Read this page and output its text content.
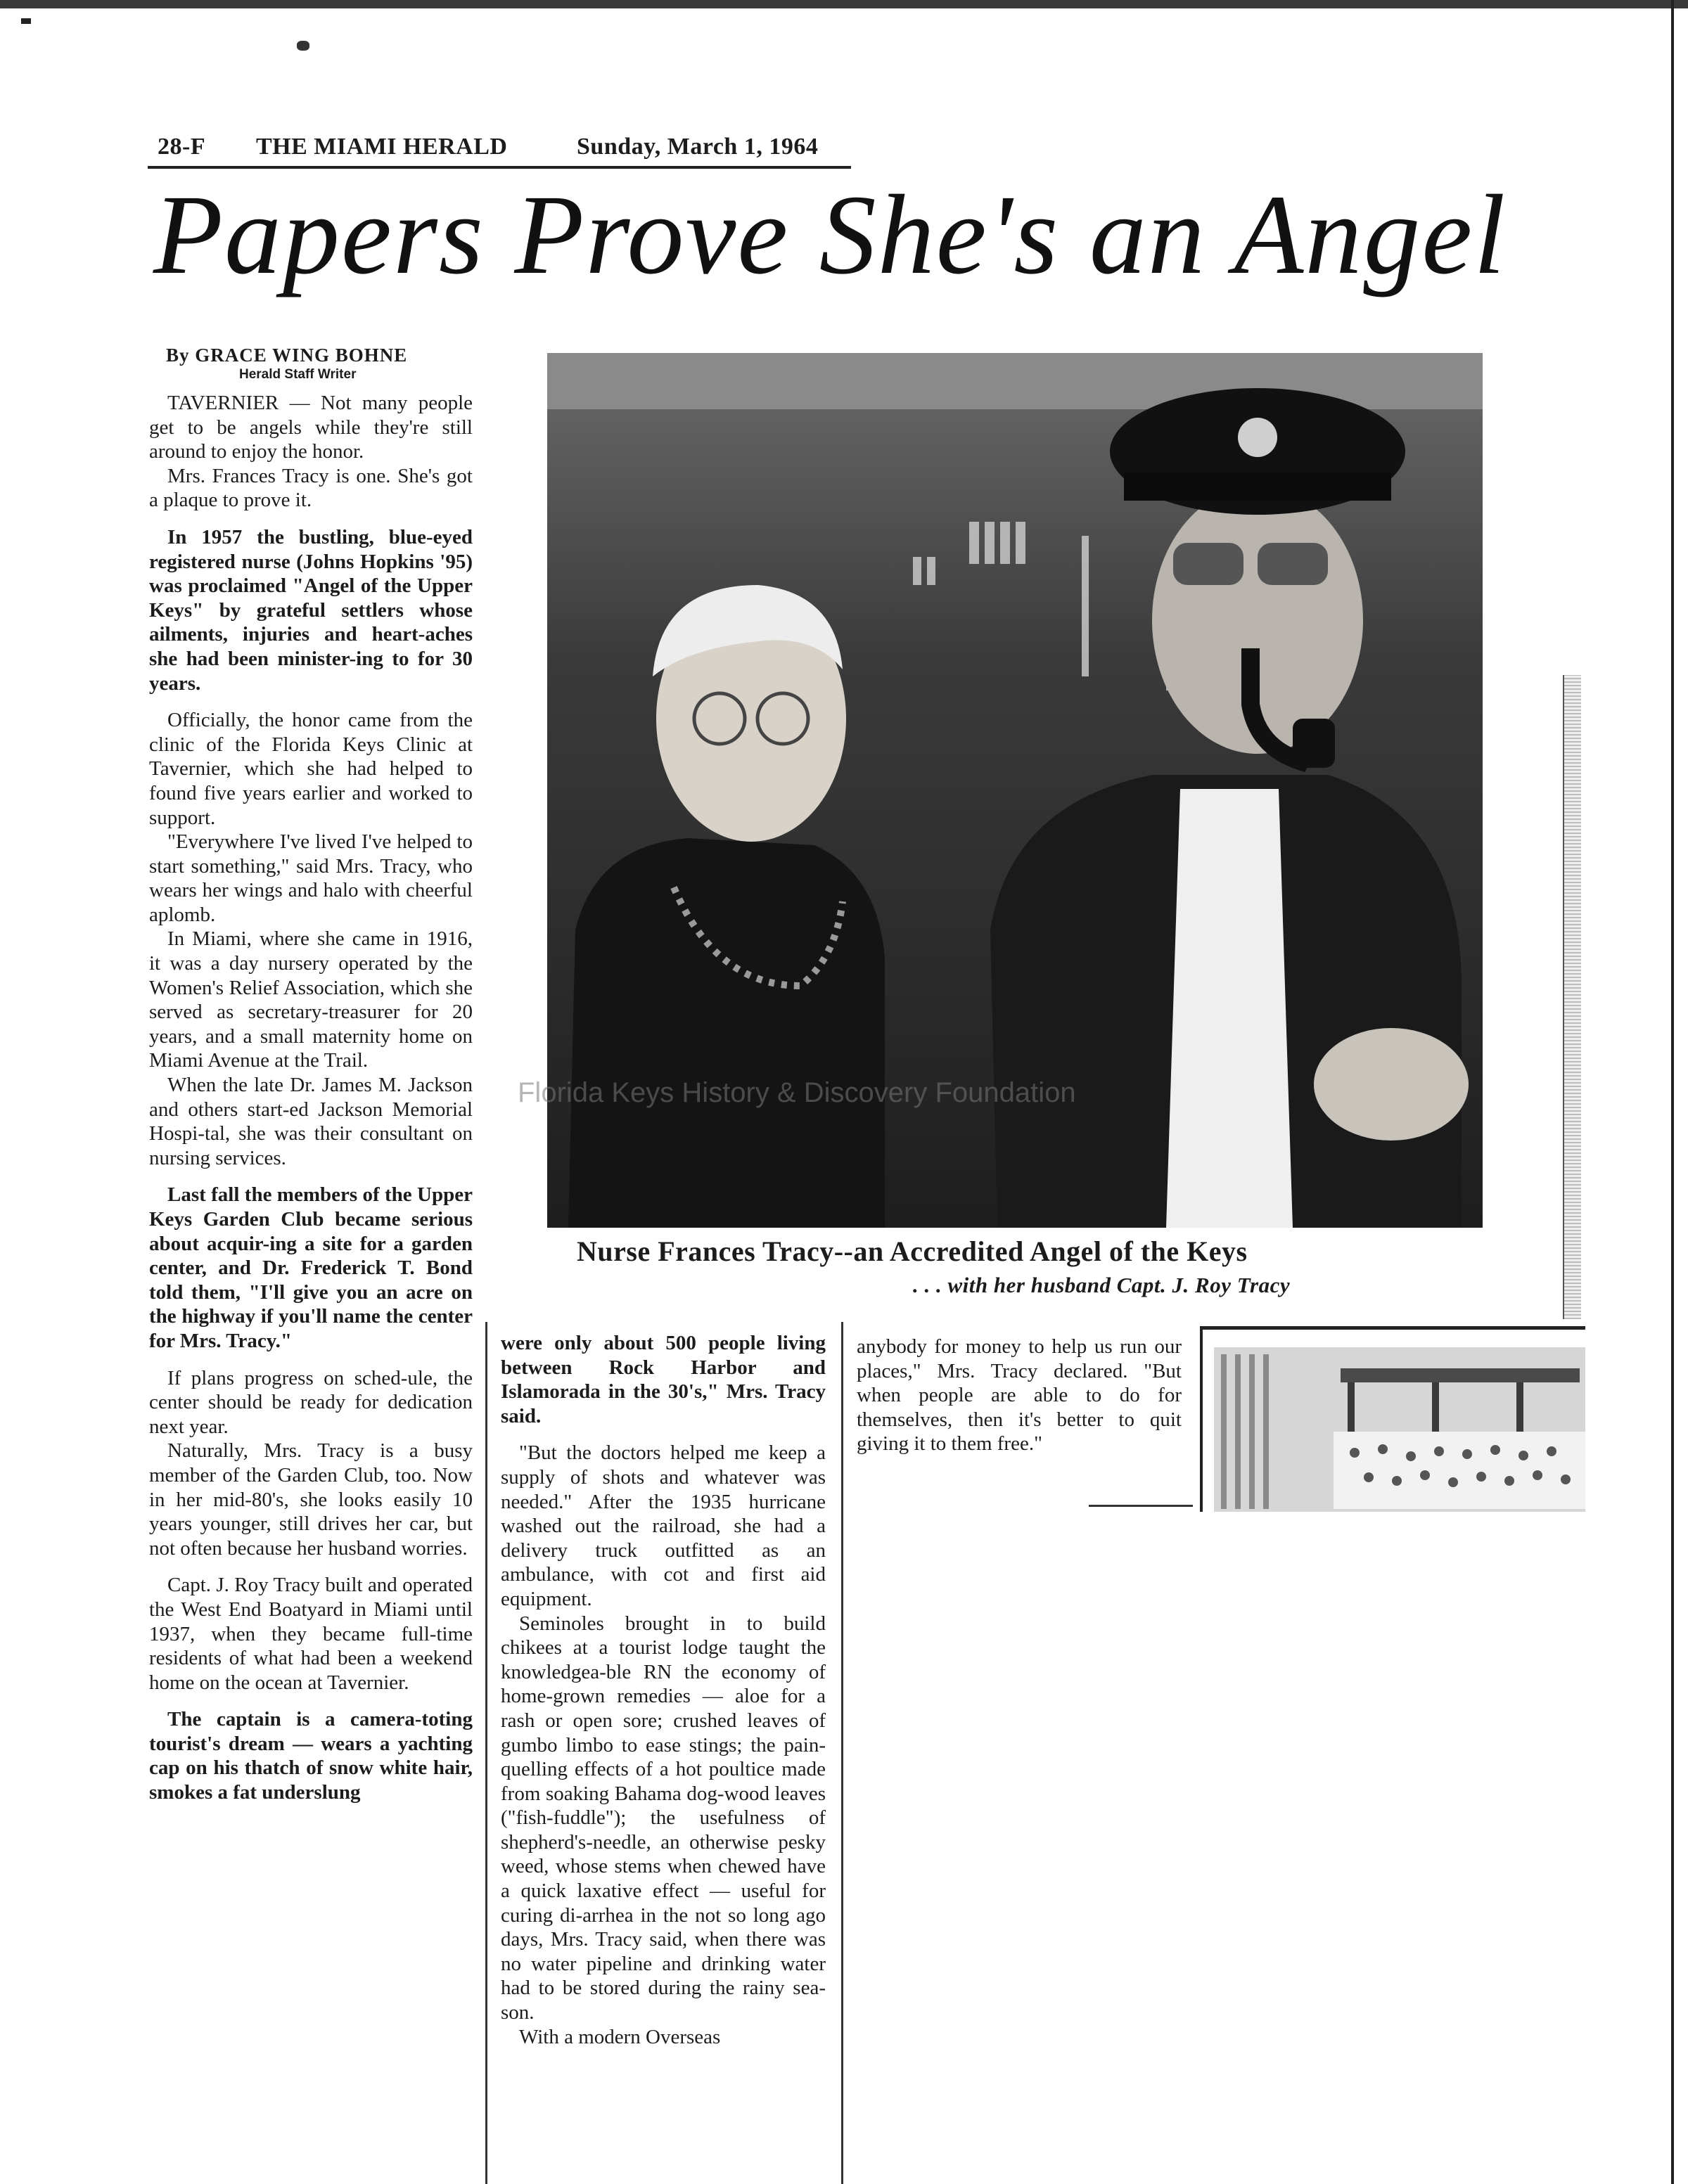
28-F THE MIAMI HERALD	Sunday, March 1, 1964
Papers Prove She's an Angel
By GRACE WING BOHNE
Herald Staff Writer

TAVERNIER — Not many people get to be angels while they're still around to enjoy the honor.

Mrs. Frances Tracy is one. She's got a plaque to prove it.

In 1957 the bustling, blue-eyed registered nurse (Johns Hopkins '95) was proclaimed "Angel of the Upper Keys" by grateful settlers whose ailments, injuries and heart-aches she had been minister-ing to for 30 years.

Officially, the honor came from the clinic of the Florida Keys Clinic at Tavernier, which she had helped to found five years earlier and worked to support.

"Everywhere I've lived I've helped to start something," said Mrs. Tracy, who wears her wings and halo with cheerful aplomb.

In Miami, where she came in 1916, it was a day nursery operated by the Women's Relief Association, which she served as secretary-treasurer for 20 years, and a small maternity home on Miami Avenue at the Trail.

When the late Dr. James M. Jackson and others start-ed Jackson Memorial Hospi-tal, she was their consultant on nursing services.

Last fall the members of the Upper Keys Garden Club became serious about acquir-ing a site for a garden center, and Dr. Frederick T. Bond told them, "I'll give you an acre on the highway if you'll name the center for Mrs. Tracy."

If plans progress on sched-ule, the center should be ready for dedication next year.

Naturally, Mrs. Tracy is a busy member of the Garden Club, too. Now in her mid-80's, she looks easily 10 years younger, still drives her car, but not often because her husband worries.

Capt. J. Roy Tracy built and operated the West End Boatyard in Miami until 1937, when they became full-time residents of what had been a weekend home on the ocean at Tavernier.

The captain is a camera-toting tourist's dream — wears a yachting cap on his thatch of snow white hair, smokes a fat underslung

Florida Keys History & Discovery Foundation
Nurse Frances Tracy--an Accredited Angel of the Keys
. . . with her husband Capt. J. Roy Tracy

were only about 500 people living between Rock Harbor and Islamorada in the 30's," Mrs. Tracy said.

"But the doctors helped me keep a supply of shots and whatever was needed." After the 1935 hurricane washed out the railroad, she had a delivery truck outfitted as an ambulance, with cot and first aid equipment.

Seminoles brought in to build chikees at a tourist lodge taught the knowledgea-ble RN the economy of home-grown remedies — aloe for a rash or open sore; crushed leaves of gumbo limbo to ease stings; the pain-quelling effects of a hot poultice made from soaking Bahama dog-wood leaves ("fish-fuddle"); the usefulness of shepherd's-needle, an otherwise pesky weed, whose stems when chewed have a quick laxative effect — useful for curing di-arrhea in the not so long ago days, Mrs. Tracy said, when there was no water pipeline and drinking water had to be stored during the rainy sea-son.

With a modern Overseas

anybody for money to help us run our places," Mrs. Tracy declared. "But when people are able to do for themselves, then it's better to quit giving it to them free."
